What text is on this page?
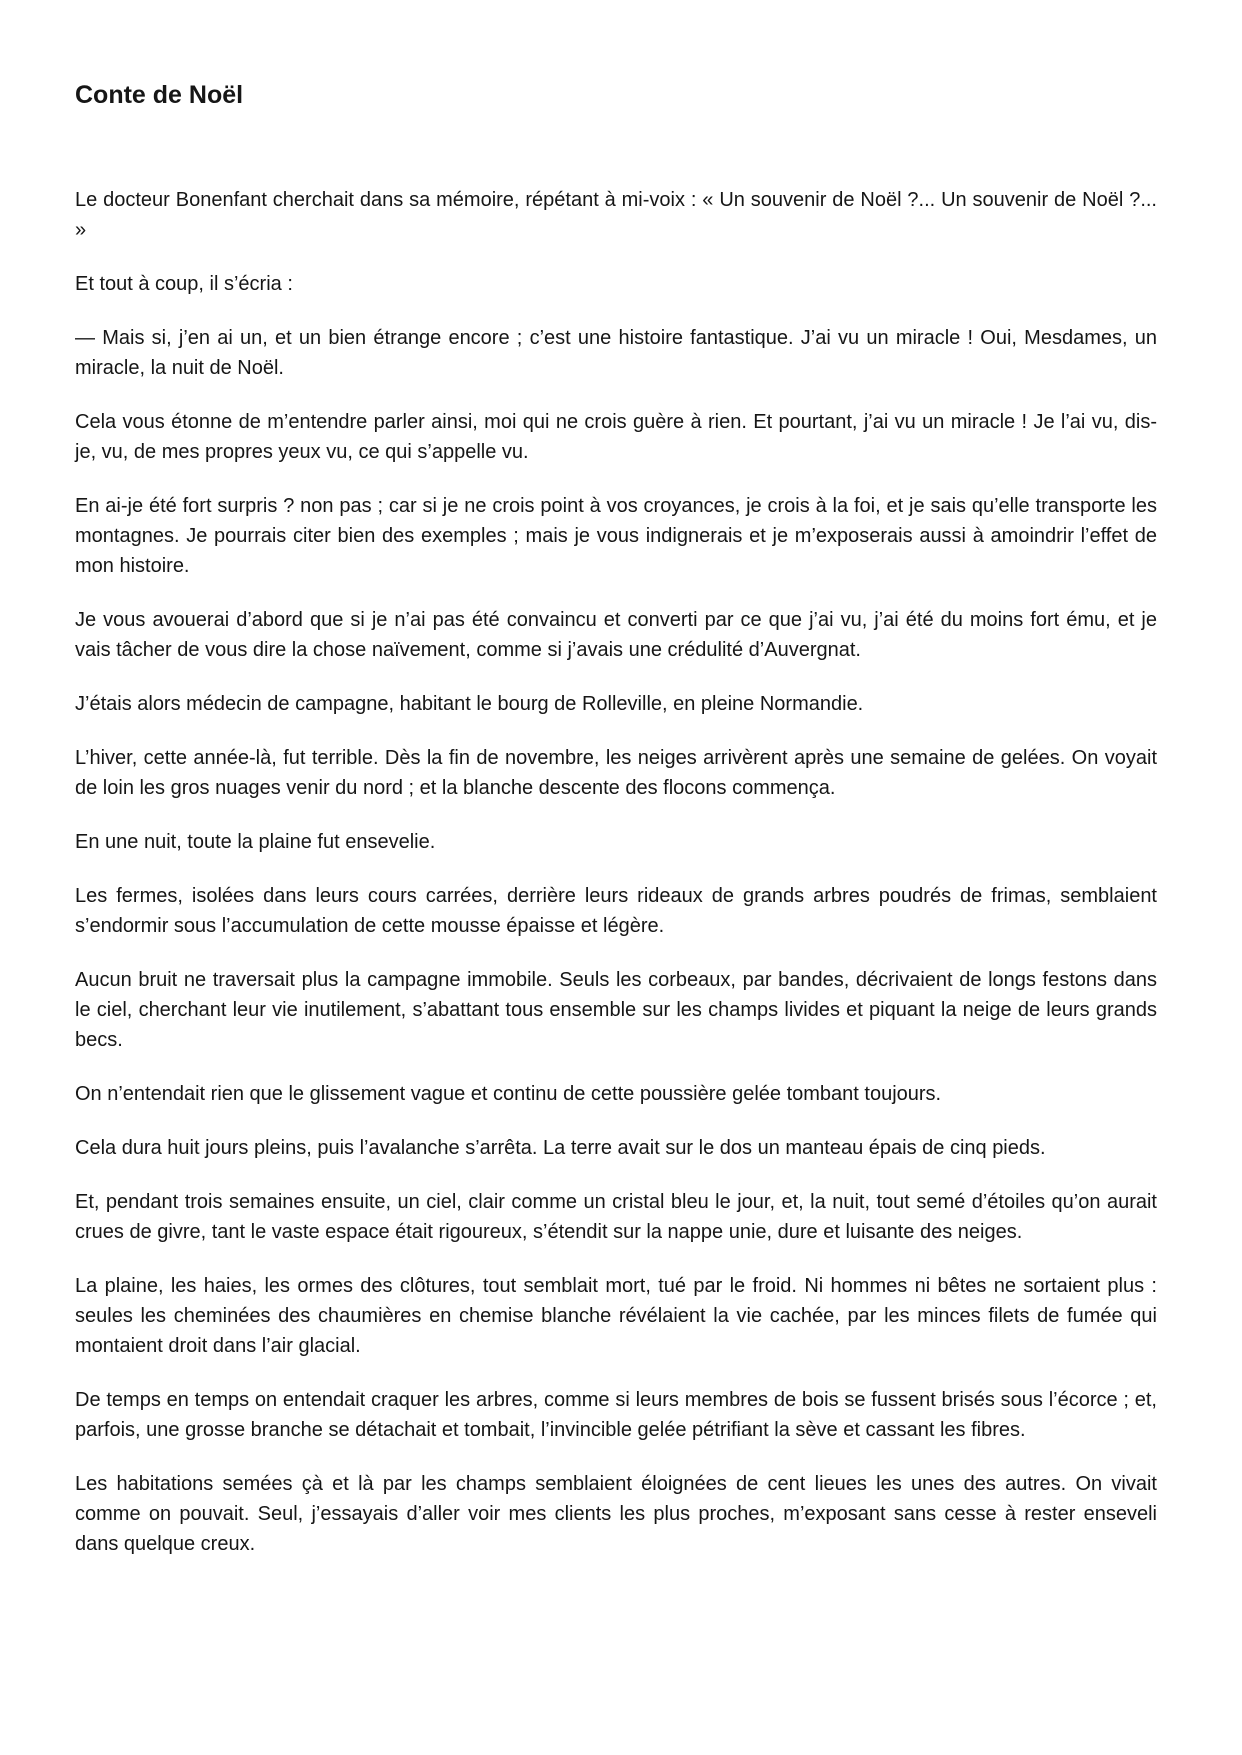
Conte de Noël

Le docteur Bonenfant cherchait dans sa mémoire, répétant à mi-voix : « Un souvenir de Noël ?... Un souvenir de Noël ?... »

Et tout à coup, il s’écria :

— Mais si, j’en ai un, et un bien étrange encore ; c’est une histoire fantastique. J’ai vu un miracle ! Oui, Mesdames, un miracle, la nuit de Noël.

Cela vous étonne de m’entendre parler ainsi, moi qui ne crois guère à rien. Et pourtant, j’ai vu un miracle ! Je l’ai vu, dis-je, vu, de mes propres yeux vu, ce qui s’appelle vu.

En ai-je été fort surpris ? non pas ; car si je ne crois point à vos croyances, je crois à la foi, et je sais qu’elle transporte les montagnes. Je pourrais citer bien des exemples ; mais je vous indignerais et je m’exposerais aussi à amoindrir l’effet de mon histoire.

Je vous avouerai d’abord que si je n’ai pas été convaincu et converti par ce que j’ai vu, j’ai été du moins fort ému, et je vais tâcher de vous dire la chose naïvement, comme si j’avais une crédulité d’Auvergnat.

J’étais alors médecin de campagne, habitant le bourg de Rolleville, en pleine Normandie.

L’hiver, cette année-là, fut terrible. Dès la fin de novembre, les neiges arrivèrent après une semaine de gelées. On voyait de loin les gros nuages venir du nord ; et la blanche descente des flocons commença.

En une nuit, toute la plaine fut ensevelie.

Les fermes, isolées dans leurs cours carrées, derrière leurs rideaux de grands arbres poudrés de frimas, semblaient s’endormir sous l’accumulation de cette mousse épaisse et légère.

Aucun bruit ne traversait plus la campagne immobile. Seuls les corbeaux, par bandes, décrivaient de longs festons dans le ciel, cherchant leur vie inutilement, s’abattant tous ensemble sur les champs livides et piquant la neige de leurs grands becs.

On n’entendait rien que le glissement vague et continu de cette poussière gelée tombant toujours.

Cela dura huit jours pleins, puis l’avalanche s’arrêta. La terre avait sur le dos un manteau épais de cinq pieds.

Et, pendant trois semaines ensuite, un ciel, clair comme un cristal bleu le jour, et, la nuit, tout semé d’étoiles qu’on aurait crues de givre, tant le vaste espace était rigoureux, s’étendit sur la nappe unie, dure et luisante des neiges.

La plaine, les haies, les ormes des clôtures, tout semblait mort, tué par le froid. Ni hommes ni bêtes ne sortaient plus : seules les cheminées des chaumières en chemise blanche révélaient la vie cachée, par les minces filets de fumée qui montaient droit dans l’air glacial.

De temps en temps on entendait craquer les arbres, comme si leurs membres de bois se fussent brisés sous l’écorce ; et, parfois, une grosse branche se détachait et tombait, l’invincible gelée pétrifiant la sève et cassant les fibres.

Les habitations semées çà et là par les champs semblaient éloignées de cent lieues les unes des autres. On vivait comme on pouvait. Seul, j’essayais d’aller voir mes clients les plus proches, m’exposant sans cesse à rester enseveli dans quelque creux.
